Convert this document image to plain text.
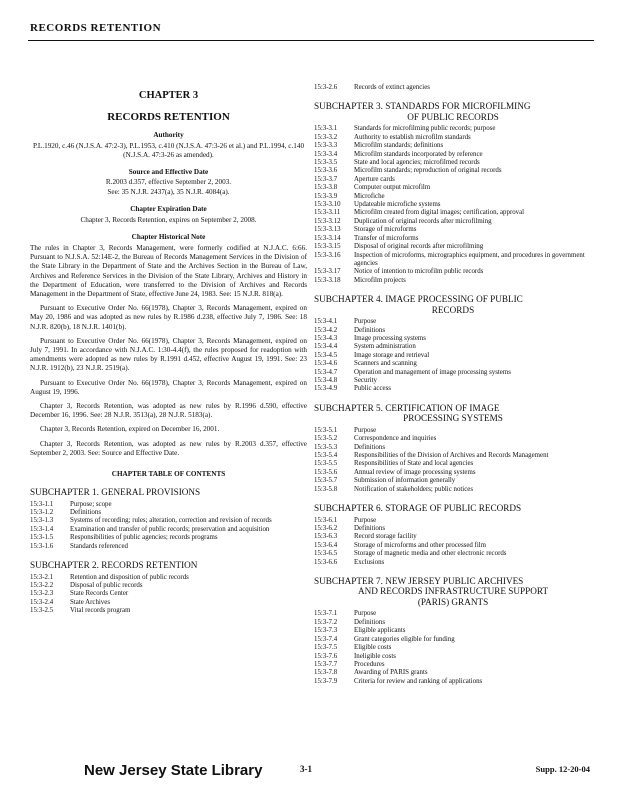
RECORDS RETENTION
CHAPTER 3
RECORDS RETENTION
Authority
P.L.1920, c.46 (N.J.S.A. 47:2-3), P.L.1953, c.410 (N.J.S.A. 47:3-26 et al.) and P.L.1994, c.140 (N.J.S.A. 47:3-26 as amended).
Source and Effective Date
R.2003 d.357, effective September 2, 2003.
See: 35 N.J.R. 2437(a), 35 N.J.R. 4084(a).
Chapter Expiration Date
Chapter 3, Records Retention, expires on September 2, 2008.
Chapter Historical Note
The rules in Chapter 3, Records Management, were formerly codified at N.J.A.C. 6:66. Pursuant to N.J.S.A. 52:14E-2, the Bureau of Records Management Services in the Division of the State Library in the Department of State and the Archives Section in the Bureau of Law, Archives and Reference Services in the Division of the State Library, Archives and History in the Department of Education, were transferred to the Division of Archives and Records Management in the Department of State, effective June 24, 1983. See: 15 N.J.R. 818(a).
Pursuant to Executive Order No. 66(1978), Chapter 3, Records Management, expired on May 20, 1986 and was adopted as new rules by R.1986 d.238, effective July 7, 1986. See: 18 N.J.R. 820(b), 18 N.J.R. 1401(b).
Pursuant to Executive Order No. 66(1978), Chapter 3, Records Management, expired on July 7, 1991. In accordance with N.J.A.C. 1:30-4.4(f), the rules proposed for readoption with amendments were adopted as new rules by R.1991 d.452, effective August 19, 1991. See: 23 N.J.R. 1912(b), 23 N.J.R. 2519(a).
Pursuant to Executive Order No. 66(1978), Chapter 3, Records Management, expired on August 19, 1996.
Chapter 3, Records Retention, was adopted as new rules by R.1996 d.590, effective December 16, 1996. See: 28 N.J.R. 3513(a), 28 N.J.R. 5183(a).
Chapter 3, Records Retention, expired on December 16, 2001.
Chapter 3, Records Retention, was adopted as new rules by R.2003 d.357, effective September 2, 2003. See: Source and Effective Date.
CHAPTER TABLE OF CONTENTS
SUBCHAPTER 1. GENERAL PROVISIONS
15:3-1.1	Purpose; scope
15:3-1.2	Definitions
15:3-1.3	Systems of recording; rules; alteration, correction and revision of records
15:3-1.4	Examination and transfer of public records; preservation and acquisition
15:3-1.5	Responsibilities of public agencies; records programs
15:3-1.6	Standards referenced
SUBCHAPTER 2. RECORDS RETENTION
15:3-2.1	Retention and disposition of public records
15:3-2.2	Disposal of public records
15:3-2.3	State Records Center
15:3-2.4	State Archives
15:3-2.5	Vital records program
15:3-2.6	Records of extinct agencies
SUBCHAPTER 3. STANDARDS FOR MICROFILMING
OF PUBLIC RECORDS
15:3-3.1	Standards for microfilming public records; purpose
15:3-3.2	Authority to establish microfilm standards
15:3-3.3	Microfilm standards; definitions
15:3-3.4	Microfilm standards incorporated by reference
15:3-3.5	State and local agencies; microfilmed records
15:3-3.6	Microfilm standards; reproduction of original records
15:3-3.7	Aperture cards
15:3-3.8	Computer output microfilm
15:3-3.9	Microfiche
15:3-3.10	Updateable microfiche systems
15:3-3.11	Microfilm created from digital images; certification, approval
15:3-3.12	Duplication of original records after microfilming
15:3-3.13	Storage of microforms
15:3-3.14	Transfer of microforms
15:3-3.15	Disposal of original records after microfilming
15:3-3.16	Inspection of microforms, micrographics equipment, and procedures in government agencies
15:3-3.17	Notice of intention to microfilm public records
15:3-3.18	Microfilm projects
SUBCHAPTER 4. IMAGE PROCESSING OF PUBLIC
RECORDS
15:3-4.1	Purpose
15:3-4.2	Definitions
15:3-4.3	Image processing systems
15:3-4.4	System administration
15:3-4.5	Image storage and retrieval
15:3-4.6	Scanners and scanning
15:3-4.7	Operation and management of image processing systems
15:3-4.8	Security
15:3-4.9	Public access
SUBCHAPTER 5. CERTIFICATION OF IMAGE
PROCESSING SYSTEMS
15:3-5.1	Purpose
15:3-5.2	Correspondence and inquiries
15:3-5.3	Definitions
15:3-5.4	Responsibilities of the Division of Archives and Records Management
15:3-5.5	Responsibilities of State and local agencies
15:3-5.6	Annual review of image processing systems
15:3-5.7	Submission of information generally
15:3-5.8	Notification of stakeholders; public notices
SUBCHAPTER 6. STORAGE OF PUBLIC RECORDS
15:3-6.1	Purpose
15:3-6.2	Definitions
15:3-6.3	Record storage facility
15:3-6.4	Storage of microforms and other processed film
15:3-6.5	Storage of magnetic media and other electronic records
15:3-6.6	Exclusions
SUBCHAPTER 7. NEW JERSEY PUBLIC ARCHIVES
AND RECORDS INFRASTRUCTURE SUPPORT
(PARIS) GRANTS
15:3-7.1	Purpose
15:3-7.2	Definitions
15:3-7.3	Eligible applicants
15:3-7.4	Grant categories eligible for funding
15:3-7.5	Eligible costs
15:3-7.6	Ineligible costs
15:3-7.7	Procedures
15:3-7.8	Awarding of PARIS grants
15:3-7.9	Criteria for review and ranking of applications
New Jersey State Library	3-1	Supp. 12-20-04
